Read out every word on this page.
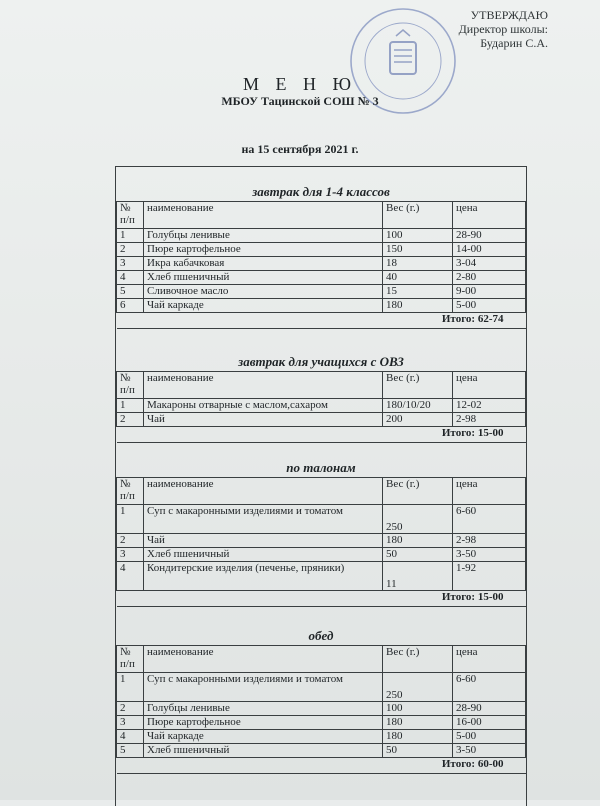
УТВЕРЖДАЮ
Директор школы:
Бударин С.А.
М Е Н Ю
МБОУ Тацинской СОШ № 3
на 15 сентября 2021 г.
завтрак для 1-4 классов
№ п/п	наименование	Вес (г.)	цена
1	Голубцы ленивые	100	28-90
2	Пюре картофельное	150	14-00
3	Икра кабачковая	18	3-04
4	Хлеб пшеничный	40	2-80
5	Сливочное масло	15	9-00
6	Чай каркаде	180	5-00
Итого: 62-74			
завтрак для учащихся с ОВЗ
№ п/п	наименование	Вес (г.)	цена
1	Макароны отварные с маслом,сахаром	180/10/20	12-02
2	Чай	200	2-98
Итого: 15-00			
по талонам
№ п/п	наименование	Вес (г.)	цена
1	Суп с макаронными изделиями и томатом	250	6-60
2	Чай	180	2-98
3	Хлеб пшеничный	50	3-50
4	Кондитерские изделия (печенье, пряники)	11	1-92
Итого: 15-00			
обед
№ п/п	наименование	Вес (г.)	цена
1	Суп с макаронными изделиями и томатом	250	6-60
2	Голубцы ленивые	100	28-90
3	Пюре картофельное	180	16-00
4	Чай каркаде	180	5-00
5	Хлеб пшеничный	50	3-50
Итого: 60-00			
